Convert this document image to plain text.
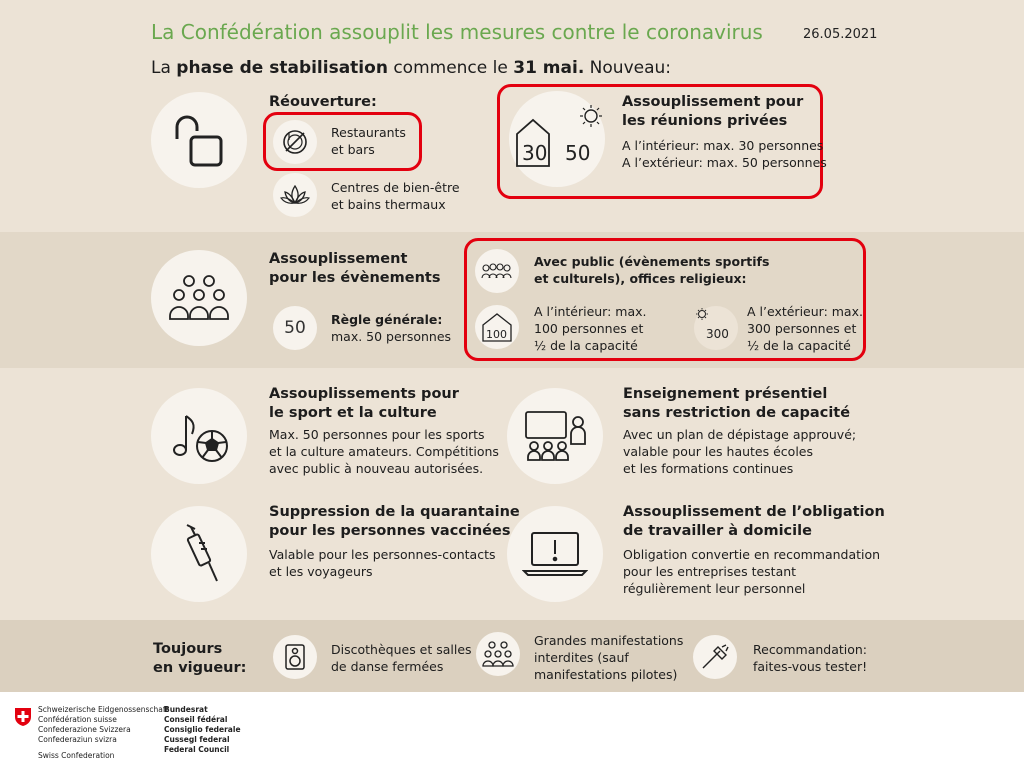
La Confédération assouplit les mesures contre le coronavirus	26.05.2021
La phase de stabilisation commence le 31 mai. Nouveau:
Réouverture:
Restaurants
et bars
Centres de bien-être
et bains thermaux
30 50
Assouplissement pour
les réunions privées
A l’intérieur: max. 30 personnes
A l’extérieur: max. 50 personnes
Assouplissement
pour les évènements
50 Règle générale:
max. 50 personnes
Avec public (évènements sportifs
et culturels), offices religieux:
100
A l’intérieur: max.
100 personnes et
½ de la capacité
300
A l’extérieur: max.
300 personnes et
½ de la capacité
Assouplissements pour
le sport et la culture
Max. 50 personnes pour les sports
et la culture amateurs. Compétitions
avec public à nouveau autorisées.
Enseignement présentiel
sans restriction de capacité
Avec un plan de dépistage approuvé;
valable pour les hautes écoles
et les formations continues
Suppression de la quarantaine
pour les personnes vaccinées
Valable pour les personnes-contacts
et les voyageurs
Assouplissement de l’obligation
de travailler à domicile
Obligation convertie en recommandation
pour les entreprises testant
régulièrement leur personnel
Toujours
en vigueur:
Discothèques et salles
de danse fermées
Grandes manifestations
interdites (sauf
manifestations pilotes)
Recommandation:
faites-vous tester!
Schweizerische Eidgenossenschaft
Confédération suisse
Confederazione Svizzera
Confederaziun svizra
Swiss Confederation
Bundesrat
Conseil fédéral
Consiglio federale
Cussegl federal
Federal Council
